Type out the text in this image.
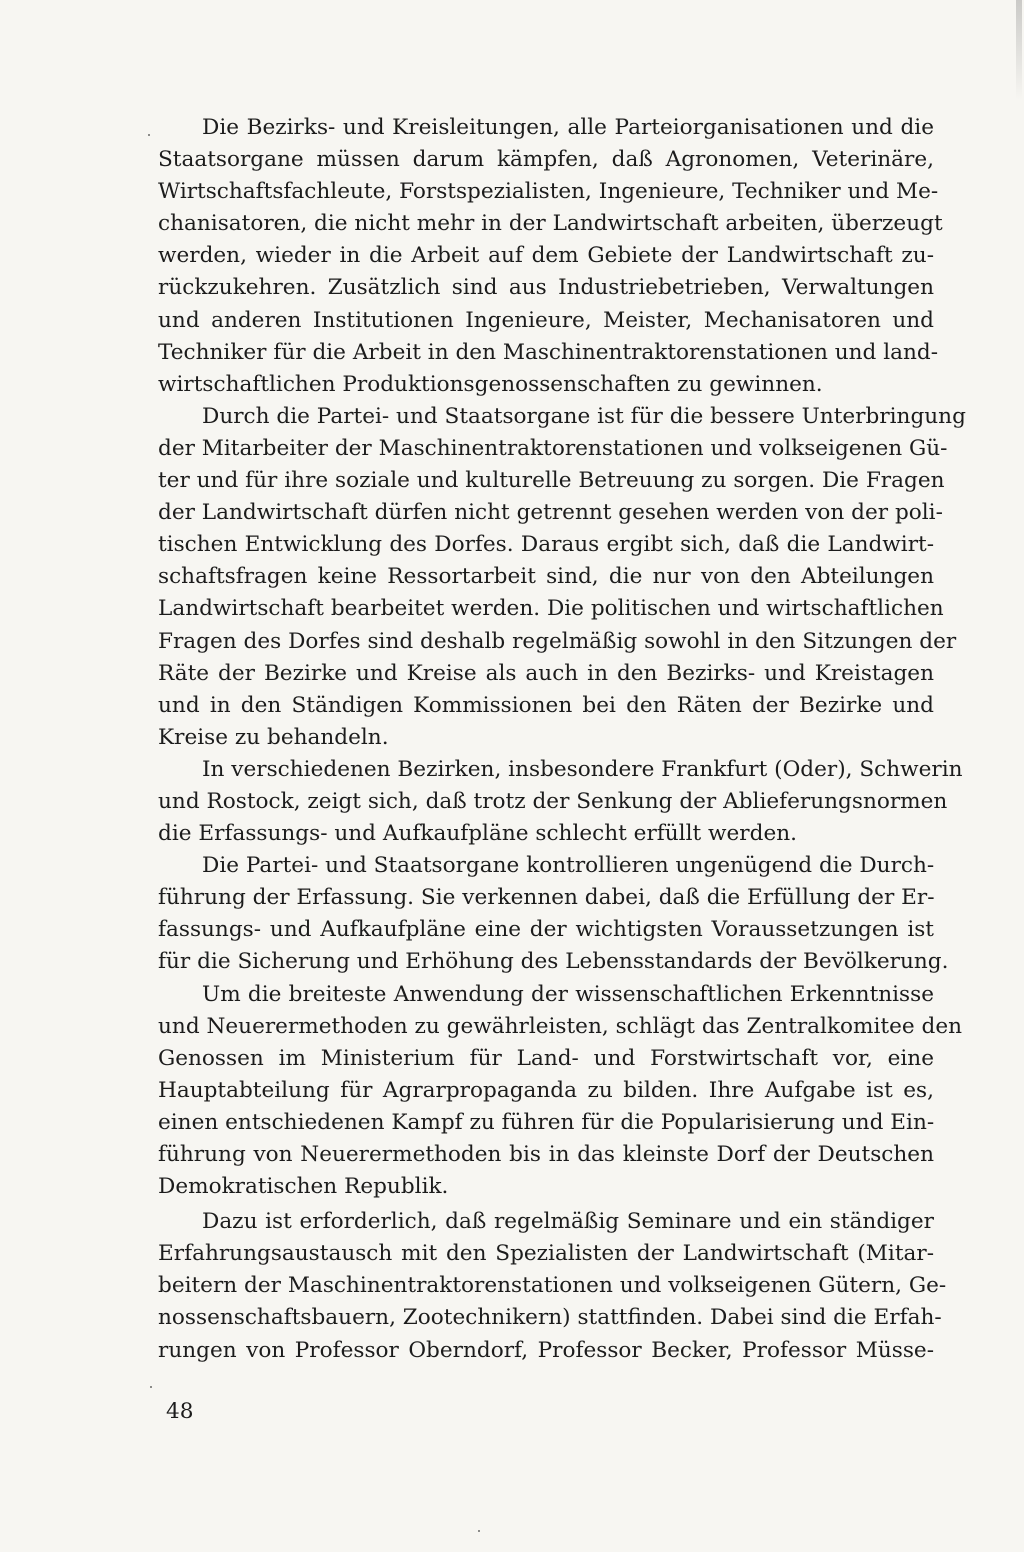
Die Bezirks- und Kreisleitungen, alle Parteiorganisationen und die
Staatsorgane müssen darum kämpfen, daß Agronomen, Veterinäre,
Wirtschaftsfachleute, Forstspezialisten, Ingenieure, Techniker und Me-
chanisatoren, die nicht mehr in der Landwirtschaft arbeiten, überzeugt
werden, wieder in die Arbeit auf dem Gebiete der Landwirtschaft zu-
rückzukehren. Zusätzlich sind aus Industriebetrieben, Verwaltungen
und anderen Institutionen Ingenieure, Meister, Mechanisatoren und
Techniker für die Arbeit in den Maschinentraktorenstationen und land-
wirtschaftlichen Produktionsgenossenschaften zu gewinnen.
Durch die Partei- und Staatsorgane ist für die bessere Unterbringung
der Mitarbeiter der Maschinentraktorenstationen und volkseigenen Gü-
ter und für ihre soziale und kulturelle Betreuung zu sorgen. Die Fragen
der Landwirtschaft dürfen nicht getrennt gesehen werden von der poli-
tischen Entwicklung des Dorfes. Daraus ergibt sich, daß die Landwirt-
schaftsfragen keine Ressortarbeit sind, die nur von den Abteilungen
Landwirtschaft bearbeitet werden. Die politischen und wirtschaftlichen
Fragen des Dorfes sind deshalb regelmäßig sowohl in den Sitzungen der
Räte der Bezirke und Kreise als auch in den Bezirks- und Kreistagen
und in den Ständigen Kommissionen bei den Räten der Bezirke und
Kreise zu behandeln.
In verschiedenen Bezirken, insbesondere Frankfurt (Oder), Schwerin
und Rostock, zeigt sich, daß trotz der Senkung der Ablieferungsnormen
die Erfassungs- und Aufkaufpläne schlecht erfüllt werden.
Die Partei- und Staatsorgane kontrollieren ungenügend die Durch-
führung der Erfassung. Sie verkennen dabei, daß die Erfüllung der Er-
fassungs- und Aufkaufpläne eine der wichtigsten Voraussetzungen ist
für die Sicherung und Erhöhung des Lebensstandards der Bevölkerung.
Um die breiteste Anwendung der wissenschaftlichen Erkenntnisse
und Neuerermethoden zu gewährleisten, schlägt das Zentralkomitee den
Genossen im Ministerium für Land- und Forstwirtschaft vor, eine
Hauptabteilung für Agrarpropaganda zu bilden. Ihre Aufgabe ist es,
einen entschiedenen Kampf zu führen für die Popularisierung und Ein-
führung von Neuerermethoden bis in das kleinste Dorf der Deutschen
Demokratischen Republik.
Dazu ist erforderlich, daß regelmäßig Seminare und ein ständiger
Erfahrungsaustausch mit den Spezialisten der Landwirtschaft (Mitar-
beitern der Maschinentraktorenstationen und volkseigenen Gütern, Ge-
nossenschaftsbauern, Zootechnikern) stattfinden. Dabei sind die Erfah-
rungen von Professor Oberndorf, Professor Becker, Professor Müsse-
48
